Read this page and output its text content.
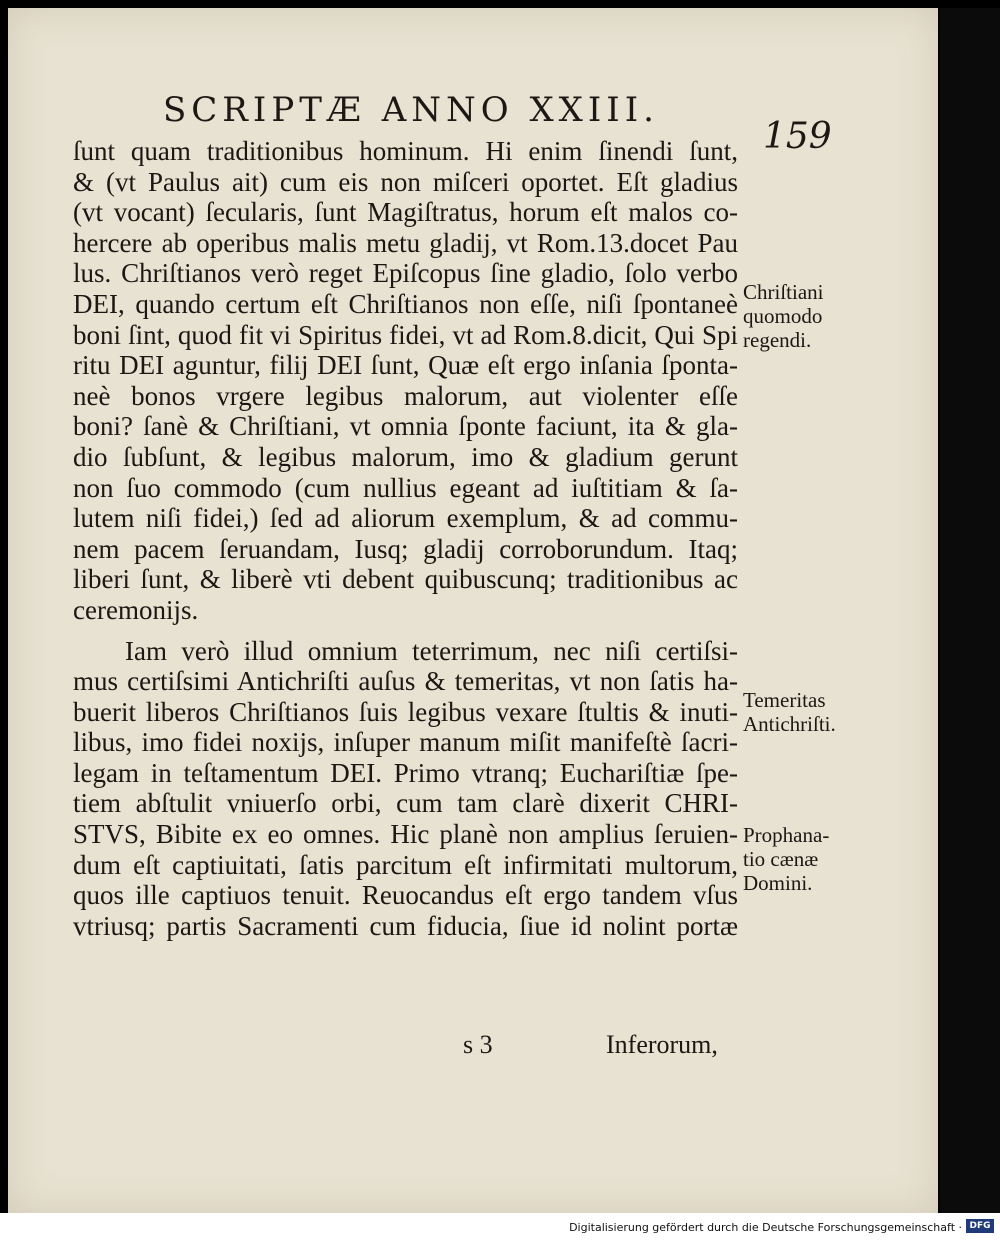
SCRIPTÆ ANNO XXIII.
159
ſunt quam traditionibus hominum. Hi enim ſinendi ſunt,
& (vt Paulus ait) cum eis non miſceri oportet. Eſt gladius
(vt vocant) ſecularis, ſunt Magiſtratus, horum eſt malos co-
hercere ab operibus malis metu gladij, vt Rom.13.docet Pau
lus. Chriſtianos verò reget Epiſcopus ſine gladio, ſolo verbo
DEI, quando certum eſt Chriſtianos non eſſe, niſi ſpontaneè
boni ſint, quod fit vi Spiritus fidei, vt ad Rom.8.dicit, Qui Spi
ritu DEI aguntur, filij DEI ſunt, Quæ eſt ergo inſania ſponta-
neè bonos vrgere legibus malorum, aut violenter eſſe
boni? ſanè & Chriſtiani, vt omnia ſponte faciunt, ita & gla-
dio ſubſunt, & legibus malorum, imo & gladium gerunt
non ſuo commodo (cum nullius egeant ad iuſtitiam & ſa-
lutem niſi fidei,) ſed ad aliorum exemplum, & ad commu-
nem pacem ſeruandam, Iusq; gladij corroborundum. Itaq;
liberi ſunt, & liberè vti debent quibuscunq; traditionibus ac
ceremonijs.
Iam verò illud omnium teterrimum, nec niſi certiſsi-
mus certiſsimi Antichriſti auſus & temeritas, vt non ſatis ha-
buerit liberos Chriſtianos ſuis legibus vexare ſtultis & inuti-
libus, imo fidei noxijs, inſuper manum miſit manifeſtè ſacri-
legam in teſtamentum DEI. Primo vtranq; Euchariſtiæ ſpe-
tiem abſtulit vniuerſo orbi, cum tam clarè dixerit CHRI-
STVS, Bibite ex eo omnes. Hic planè non amplius ſeruien-
dum eſt captiuitati, ſatis parcitum eſt infirmitati multorum,
quos ille captiuos tenuit. Reuocandus eſt ergo tandem vſus
vtriusq; partis Sacramenti cum fiducia, ſiue id nolint portæ
Chriſtiani
quomodo
regendi.
Temeritas
Antichriſti.
Prophana-
tio cænæ
Domini.
s 3	Inferorum,
Digitalisierung gefördert durch die Deutsche Forschungsgemeinschaft · DFG
